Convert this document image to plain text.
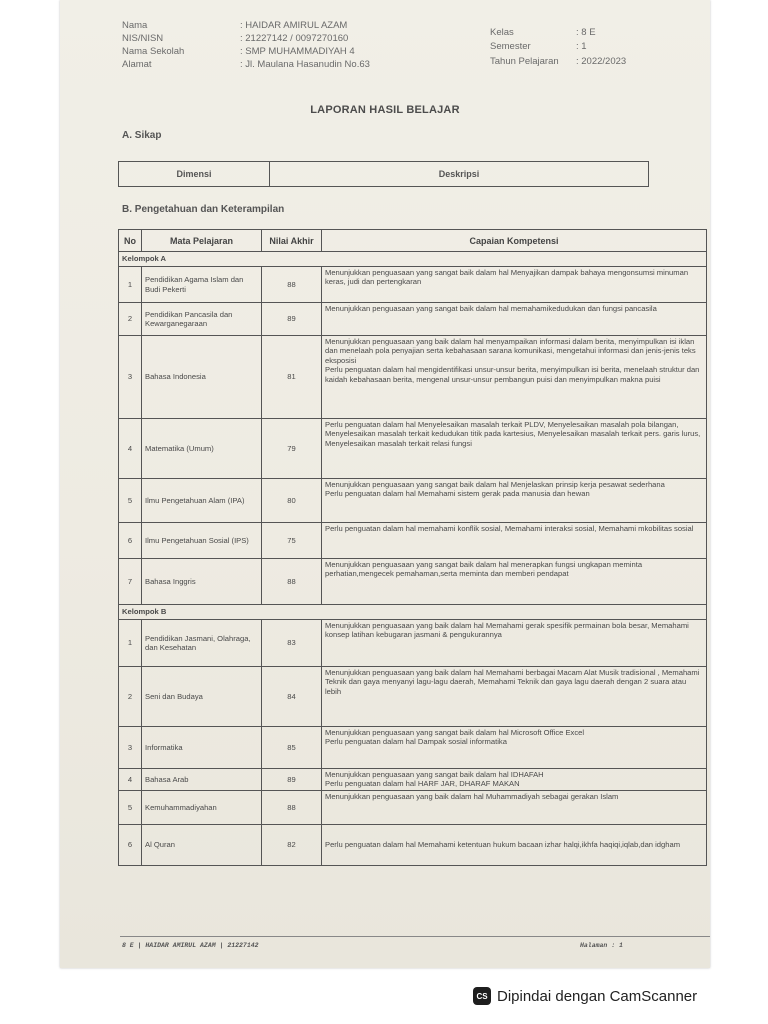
Nama	: HAIDAR AMIRUL AZAM
NIS/NISN	: 21227142 / 0097270160
Nama Sekolah	: SMP MUHAMMADIYAH 4
Alamat	: Jl. Maulana Hasanudin No.63
Kelas	: 8 E
Semester	: 1
Tahun Pelajaran : 2022/2023
LAPORAN HASIL BELAJAR
A. Sikap
Dimensi	Deskripsi
B. Pengetahuan dan Keterampilan
No	Mata Pelajaran	Nilai Akhir	Capaian Kompetensi
Kelompok A			
1	Pendidikan Agama Islam dan Budi Pekerti	88	Menunjukkan penguasaan yang sangat baik dalam hal Menyajikan dampak bahaya mengonsumsi minuman keras, judi dan pertengkaran
2	Pendidikan Pancasila dan Kewarganegaraan	89	Menunjukkan penguasaan yang sangat baik dalam hal memahamikedudukan dan fungsi pancasila
3	Bahasa Indonesia	81	Menunjukkan penguasaan yang baik dalam hal menyampaikan informasi dalam berita, menyimpulkan isi iklan dan menelaah pola penyajian serta kebahasaan sarana komunikasi, mengetahui informasi dan jenis-jenis teks eksposisi
Perlu penguatan dalam hal mengidentifikasi unsur-unsur berita, menyimpulkan isi berita, menelaah struktur dan kaidah kebahasaan berita, mengenal unsur-unsur pembangun puisi dan menyimpulkan makna puisi
4	Matematika (Umum)	79	Perlu penguatan dalam hal Menyelesaikan masalah terkait PLDV, Menyelesaikan masalah pola bilangan, Menyelesaikan masalah terkait kedudukan titik pada kartesius, Menyelesaikan masalah terkait pers. garis lurus, Menyelesaikan masalah terkait relasi fungsi
5	Ilmu Pengetahuan Alam (IPA)	80	Menunjukkan penguasaan yang sangat baik dalam hal Menjelaskan prinsip kerja pesawat sederhana
Perlu penguatan dalam hal Memahami sistem gerak pada manusia dan hewan
6	Ilmu Pengetahuan Sosial (IPS)	75	Perlu penguatan dalam hal memahami konflik sosial, Memahami interaksi sosial, Memahami mkobilitas sosial
7	Bahasa Inggris	88	Menunjukkan penguasaan yang sangat baik dalam hal menerapkan fungsi ungkapan meminta perhatian,mengecek pemahaman,serta meminta dan memberi pendapat
Kelompok B			
1	Pendidikan Jasmani, Olahraga, dan Kesehatan	83	Menunjukkan penguasaan yang baik dalam hal Memahami gerak spesifik permainan bola besar, Memahami konsep latihan kebugaran jasmani & pengukurannya
2	Seni dan Budaya	84	Menunjukkan penguasaan yang baik dalam hal Memahami berbagai Macam Alat Musik tradisional , Memahami Teknik dan gaya menyanyi lagu-lagu daerah, Memahami Teknik dan gaya lagu daerah dengan 2 suara atau lebih
3	Informatika	85	Menunjukkan penguasaan yang sangat baik dalam hal Microsoft Office Excel
Perlu penguatan dalam hal Dampak sosial informatika
4	Bahasa Arab	89	Menunjukkan penguasaan yang sangat baik dalam hal IDHAFAH
Perlu penguatan dalam hal HARF JAR, DHARAF MAKAN
5	Kemuhammadiyahan	88	Menunjukkan penguasaan yang baik dalam hal Muhammadiyah sebagai gerakan Islam
6	Al Quran	82	Perlu penguatan dalam hal Memahami ketentuan hukum bacaan izhar halqi,ikhfa haqiqi,iqlab,dan idgham
8 E | HAIDAR AMIRUL AZAM | 21227142	Halaman : 1
CS Dipindai dengan CamScanner
